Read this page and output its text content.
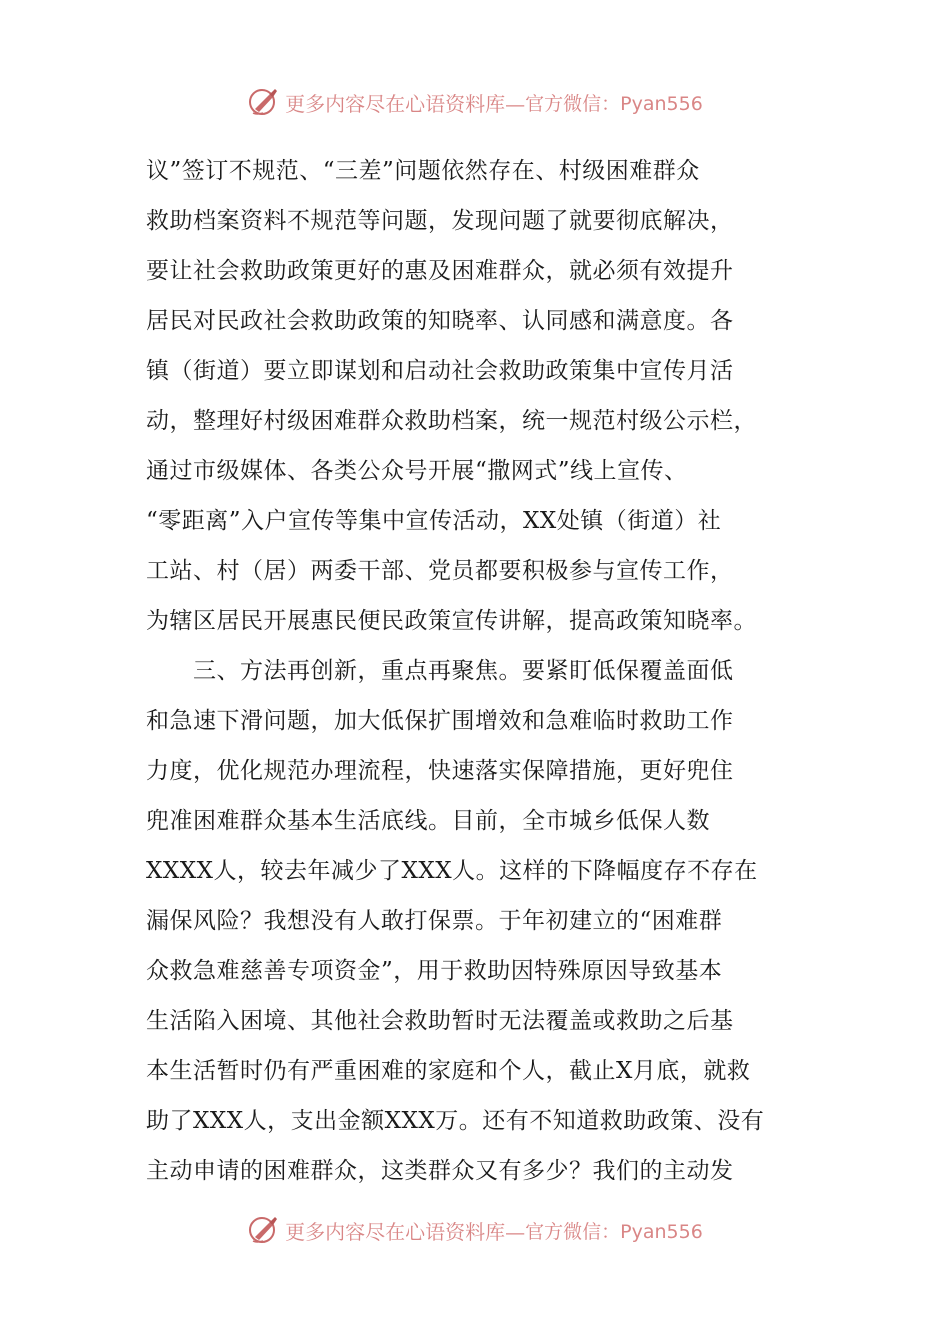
更多内容尽在心语资料库— 官方微信：Pyan556
议”签订不规范、“三差”问题依然存在、村级困难群众
救助档案资料不规范等问题，发现问题了就要彻底解决，
要让社会救助政策更好的惠及困难群众，就必须有效提升
居民对民政社会救助政策的知晓率、认同感和满意度。各
镇（街道）要立即谋划和启动社会救助政策集中宣传月活
动，整理好村级困难群众救助档案，统一规范村级公示栏，
通过市级媒体、各类公众号开展“撒网式”线上宣传、
“零距离”入户宣传等集中宣传活动，XX处镇（街道）社
工站、村（居）两委干部、党员都要积极参与宣传工作，
为辖区居民开展惠民便民政策宣传讲解，提高政策知晓率。
　　三、方法再创新，重点再聚焦。要紧盯低保覆盖面低
和急速下滑问题，加大低保扩围增效和急难临时救助工作
力度，优化规范办理流程，快速落实保障措施，更好兜住
兜准困难群众基本生活底线。目前，全市城乡低保人数
XXXX人，较去年减少了XXX人。这样的下降幅度存不存在
漏保风险？我想没有人敢打保票。于年初建立的“困难群
众救急难慈善专项资金”，用于救助因特殊原因导致基本
生活陷入困境、其他社会救助暂时无法覆盖或救助之后基
本生活暂时仍有严重困难的家庭和个人，截止X月底，就救
助了XXX人，支出金额XXX万。还有不知道救助政策、没有
主动申请的困难群众，这类群众又有多少？我们的主动发
更多内容尽在心语资料库— 官方微信：Pyan556
